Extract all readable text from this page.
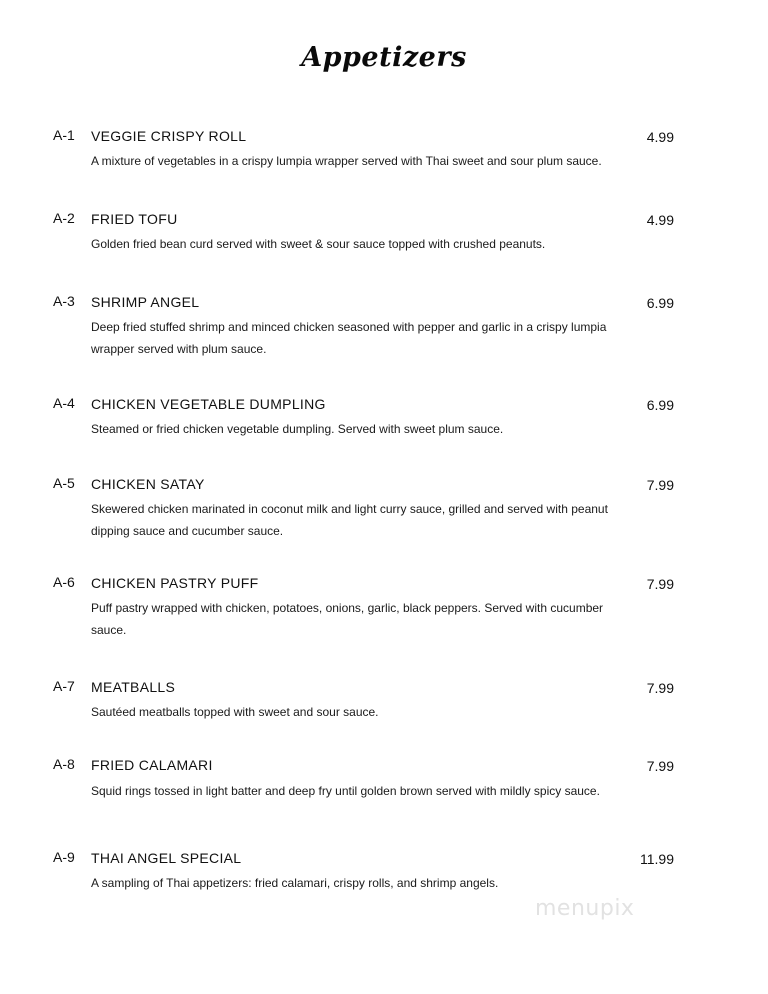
Appetizers
A-1 VEGGIE CRISPY ROLL	4.99
A mixture of vegetables in a crispy lumpia wrapper served with Thai sweet and sour plum sauce.
A-2 FRIED TOFU	4.99
Golden fried bean curd served with sweet & sour sauce topped with crushed peanuts.
A-3 SHRIMP ANGEL	6.99
Deep fried stuffed shrimp and minced chicken seasoned with pepper and garlic in a crispy lumpia wrapper served with plum sauce.
A-4 CHICKEN VEGETABLE DUMPLING	6.99
Steamed or fried chicken vegetable dumpling. Served with sweet plum sauce.
A-5 CHICKEN SATAY	7.99
Skewered chicken marinated in coconut milk and light curry sauce, grilled and served with peanut dipping sauce and cucumber sauce.
A-6 CHICKEN PASTRY PUFF	7.99
Puff pastry wrapped with chicken, potatoes, onions, garlic, black peppers. Served with cucumber sauce.
A-7 MEATBALLS	7.99
Sautéed meatballs topped with sweet and sour sauce.
A-8 FRIED CALAMARI	7.99
Squid rings tossed in light batter and deep fry until golden brown served with mildly spicy sauce.
A-9 THAI ANGEL SPECIAL	11.99
A sampling of Thai appetizers: fried calamari, crispy rolls, and shrimp angels.
menupix
